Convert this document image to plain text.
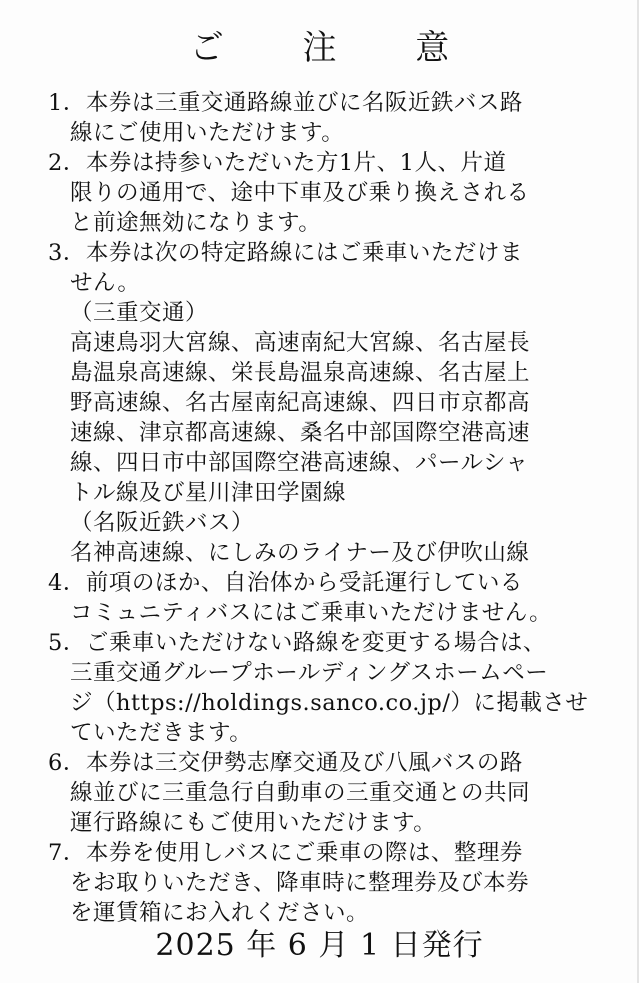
ご 注 意
1．本券は三重交通路線並びに名阪近鉄バス路
線にご使用いただけます。
2．本券は持参いただいた方1片、1人、片道
限りの通用で、途中下車及び乗り換えされる
と前途無効になります。
3．本券は次の特定路線にはご乗車いただけま
せん。
（三重交通）
高速鳥羽大宮線、高速南紀大宮線、名古屋長
島温泉高速線、栄長島温泉高速線、名古屋上
野高速線、名古屋南紀高速線、四日市京都高
速線、津京都高速線、桑名中部国際空港高速
線、四日市中部国際空港高速線、パールシャ
トル線及び星川津田学園線
（名阪近鉄バス）
名神高速線、にしみのライナー及び伊吹山線
4．前項のほか、自治体から受託運行している
コミュニティバスにはご乗車いただけません。
5．ご乗車いただけない路線を変更する場合は、
三重交通グループホールディングスホームペー
ジ（https://holdings.sanco.co.jp/）に掲載させ
ていただきます。
6．本券は三交伊勢志摩交通及び八風バスの路
線並びに三重急行自動車の三重交通との共同
運行路線にもご使用いただけます。
7．本券を使用しバスにご乗車の際は、整理券
をお取りいただき、降車時に整理券及び本券
を運賃箱にお入れください。
2025 年 6 月 1 日発行
